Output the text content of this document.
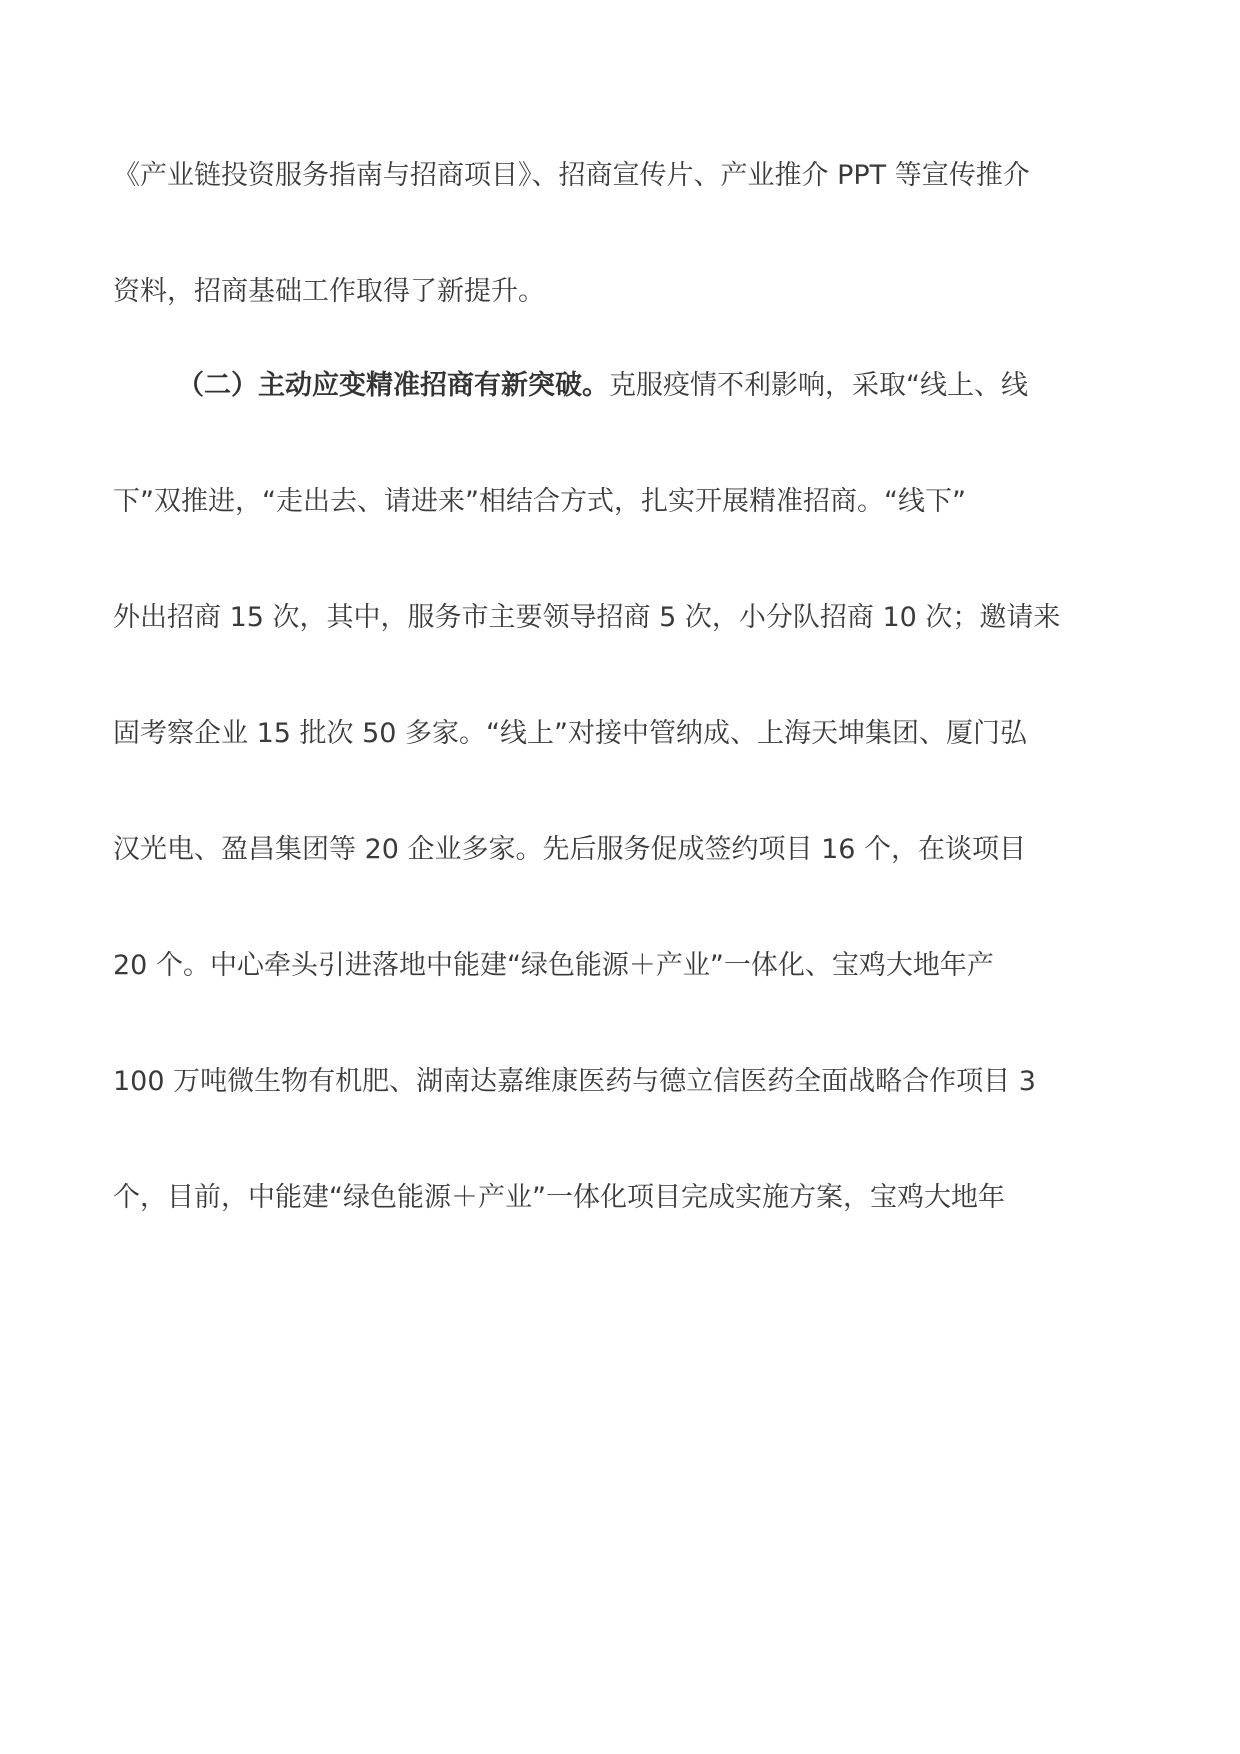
《产业链投资服务指南与招商项目》、招商宣传片、产业推介 PPT 等宣传推介
资料，招商基础工作取得了新提升。
（二）主动应变精准招商有新突破。克服疫情不利影响，采取“线上、线
下”双推进，“走出去、请进来”相结合方式，扎实开展精准招商。“线下”
外出招商 15 次，其中，服务市主要领导招商 5 次，小分队招商 10 次；邀请来
固考察企业 15 批次 50 多家。“线上”对接中管纳成、上海天坤集团、厦门弘
汉光电、盈昌集团等 20 企业多家。先后服务促成签约项目 16 个，在谈项目
20 个。中心牵头引进落地中能建“绿色能源＋产业”一体化、宝鸡大地年产
100 万吨微生物有机肥、湖南达嘉维康医药与德立信医药全面战略合作项目 3
个，目前，中能建“绿色能源＋产业”一体化项目完成实施方案，宝鸡大地年
